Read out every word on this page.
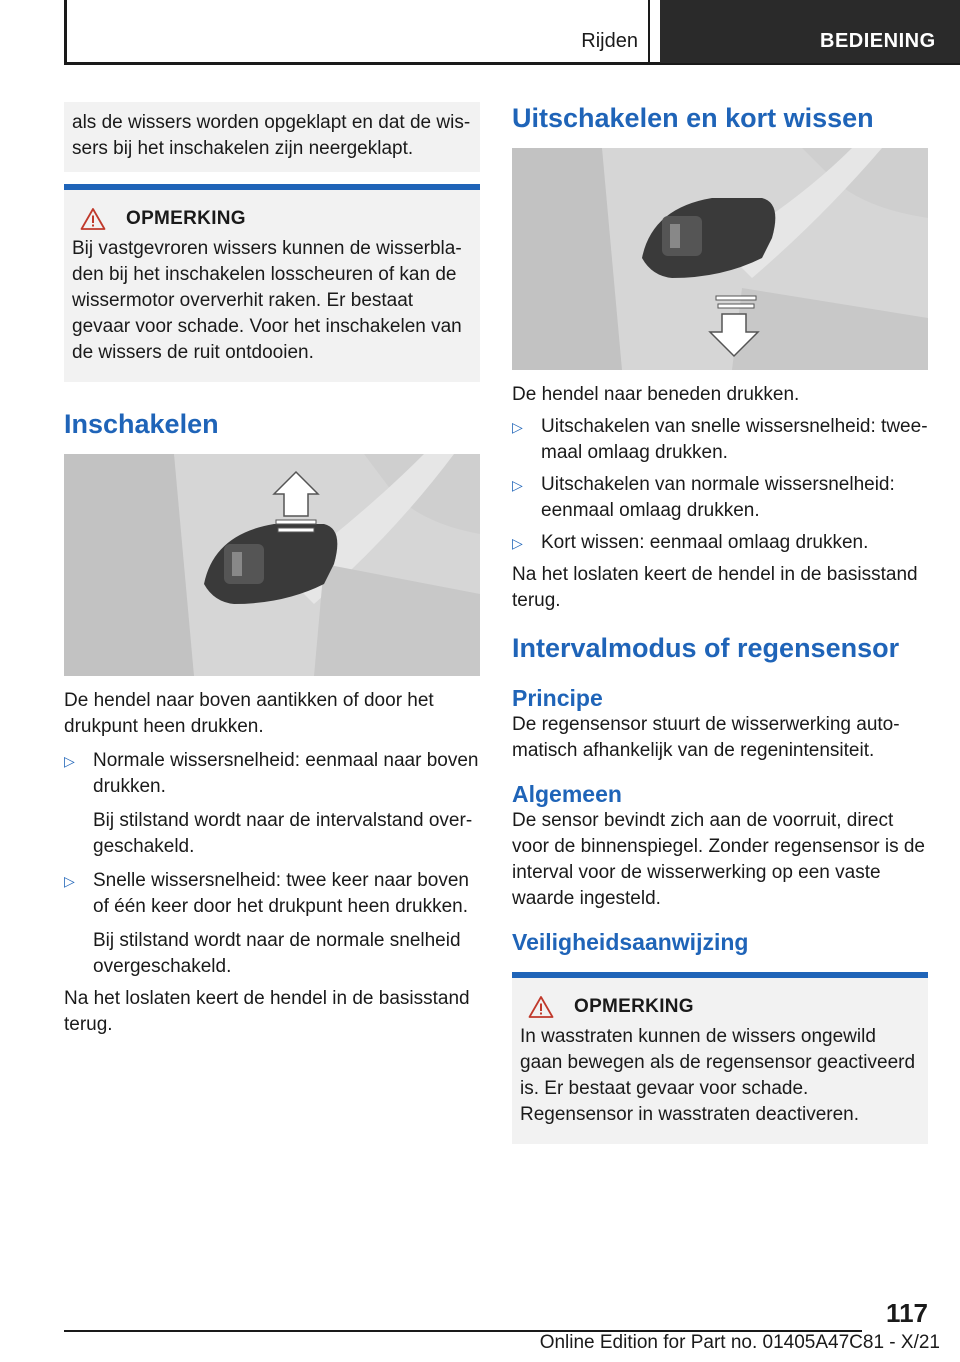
Rijden	BEDIENING

als de wissers worden opgeklapt en dat de wissers bij het inschakelen zijn neergeklapt.

OPMERKING

Bij vastgevroren wissers kunnen de wisserbladen bij het inschakelen losscheuren of kan de wissermotor oververhit raken. Er bestaat gevaar voor schade. Voor het inschakelen van de wissers de ruit ontdooien.

Inschakelen

De hendel naar boven aantikken of door het drukpunt heen drukken.

▷ Normale wissersnelheid: eenmaal naar boven drukken.
Bij stilstand wordt naar de intervalstand overgeschakeld.
▷ Snelle wissersnelheid: twee keer naar boven of één keer door het drukpunt heen drukken.
Bij stilstand wordt naar de normale snelheid overgeschakeld.

Na het loslaten keert de hendel in de basisstand terug.

Uitschakelen en kort wissen

De hendel naar beneden drukken.

▷ Uitschakelen van snelle wissersnelheid: tweemaal omlaag drukken.
▷ Uitschakelen van normale wissersnelheid: eenmaal omlaag drukken.
▷ Kort wissen: eenmaal omlaag drukken.

Na het loslaten keert de hendel in de basisstand terug.

Intervalmodus of regensensor
Principe

De regensensor stuurt de wisserwerking automatisch afhankelijk van de regenintensiteit.

Algemeen

De sensor bevindt zich aan de voorruit, direct voor de binnenspiegel. Zonder regensensor is de interval voor de wisserwerking op een vaste waarde ingesteld.

Veiligheidsaanwijzing
OPMERKING

In wasstraten kunnen de wissers ongewild gaan bewegen als de regensensor geactiveerd is. Er bestaat gevaar voor schade. Regensensor in wasstraten deactiveren.

117
Online Edition for Part no. 01405A47C81 - X/21
